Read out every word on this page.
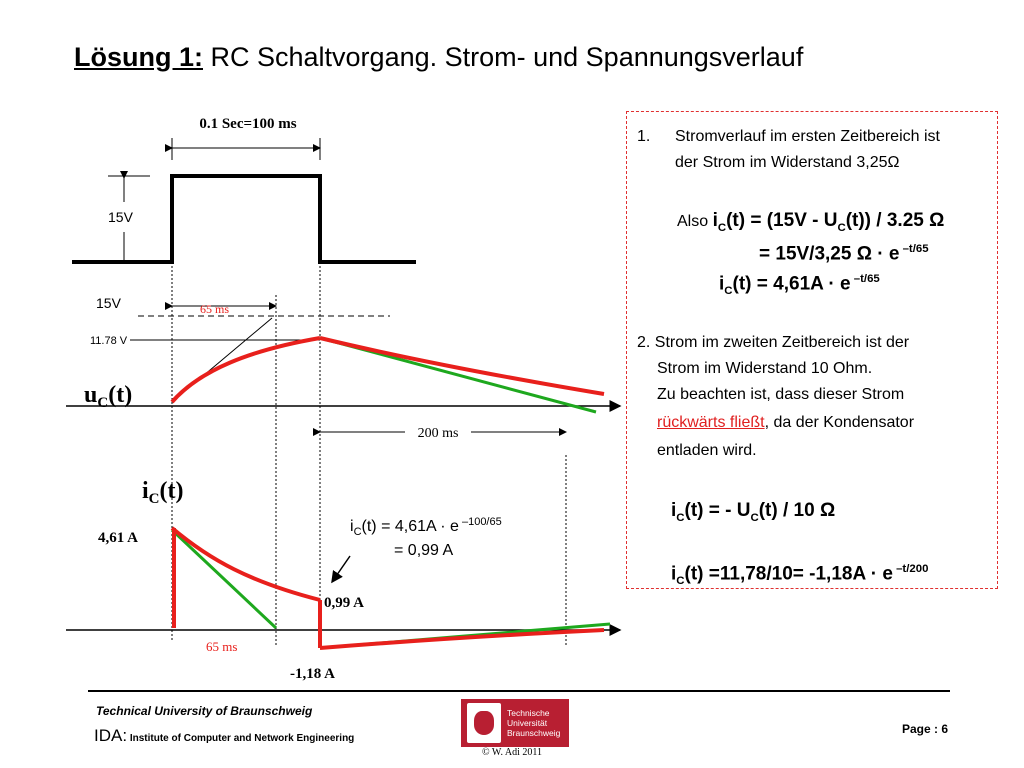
Lösung 1: RC Schaltvorgang. Strom- und Spannungsverlauf
0.1 Sec=100 ms
15V
15V
11.78 V
65 ms
200 ms
$u_C(t)$
$i_C(t)$
4,61 A
0,99 A
-1,18 A
65 ms
$i_C(t) = 4,61A \cdot e$ $^{-100/65}$
= 0,99 A
1. Stromverlauf im ersten Zeitbereich ist
der Strom im Widerstand 3,25Ω
Also $i_C(t) = (15V - U_C(t)) / 3.25$ Ω
= 15V/3,25 Ω · e $^{-t/65}$
$i_C(t) = 4,61A \cdot e$ $^{-t/65}$
2. Strom im zweiten Zeitbereich ist der
Strom im Widerstand 10 Ohm.
Zu beachten ist, dass dieser Strom
rückwärts fließt, da der Kondensator
entladen wird.
$i_C(t)$ = - $U_C(t) / 10$ Ω
$i_C(t) =11,78/10= -1,18A \cdot e$ $^{-t/200}$
Technical University of Braunschweig
IDA: Institute of Computer and Network Engineering
Technische
Universität
Braunschweig
© W. Adi 2011
Page : 6
